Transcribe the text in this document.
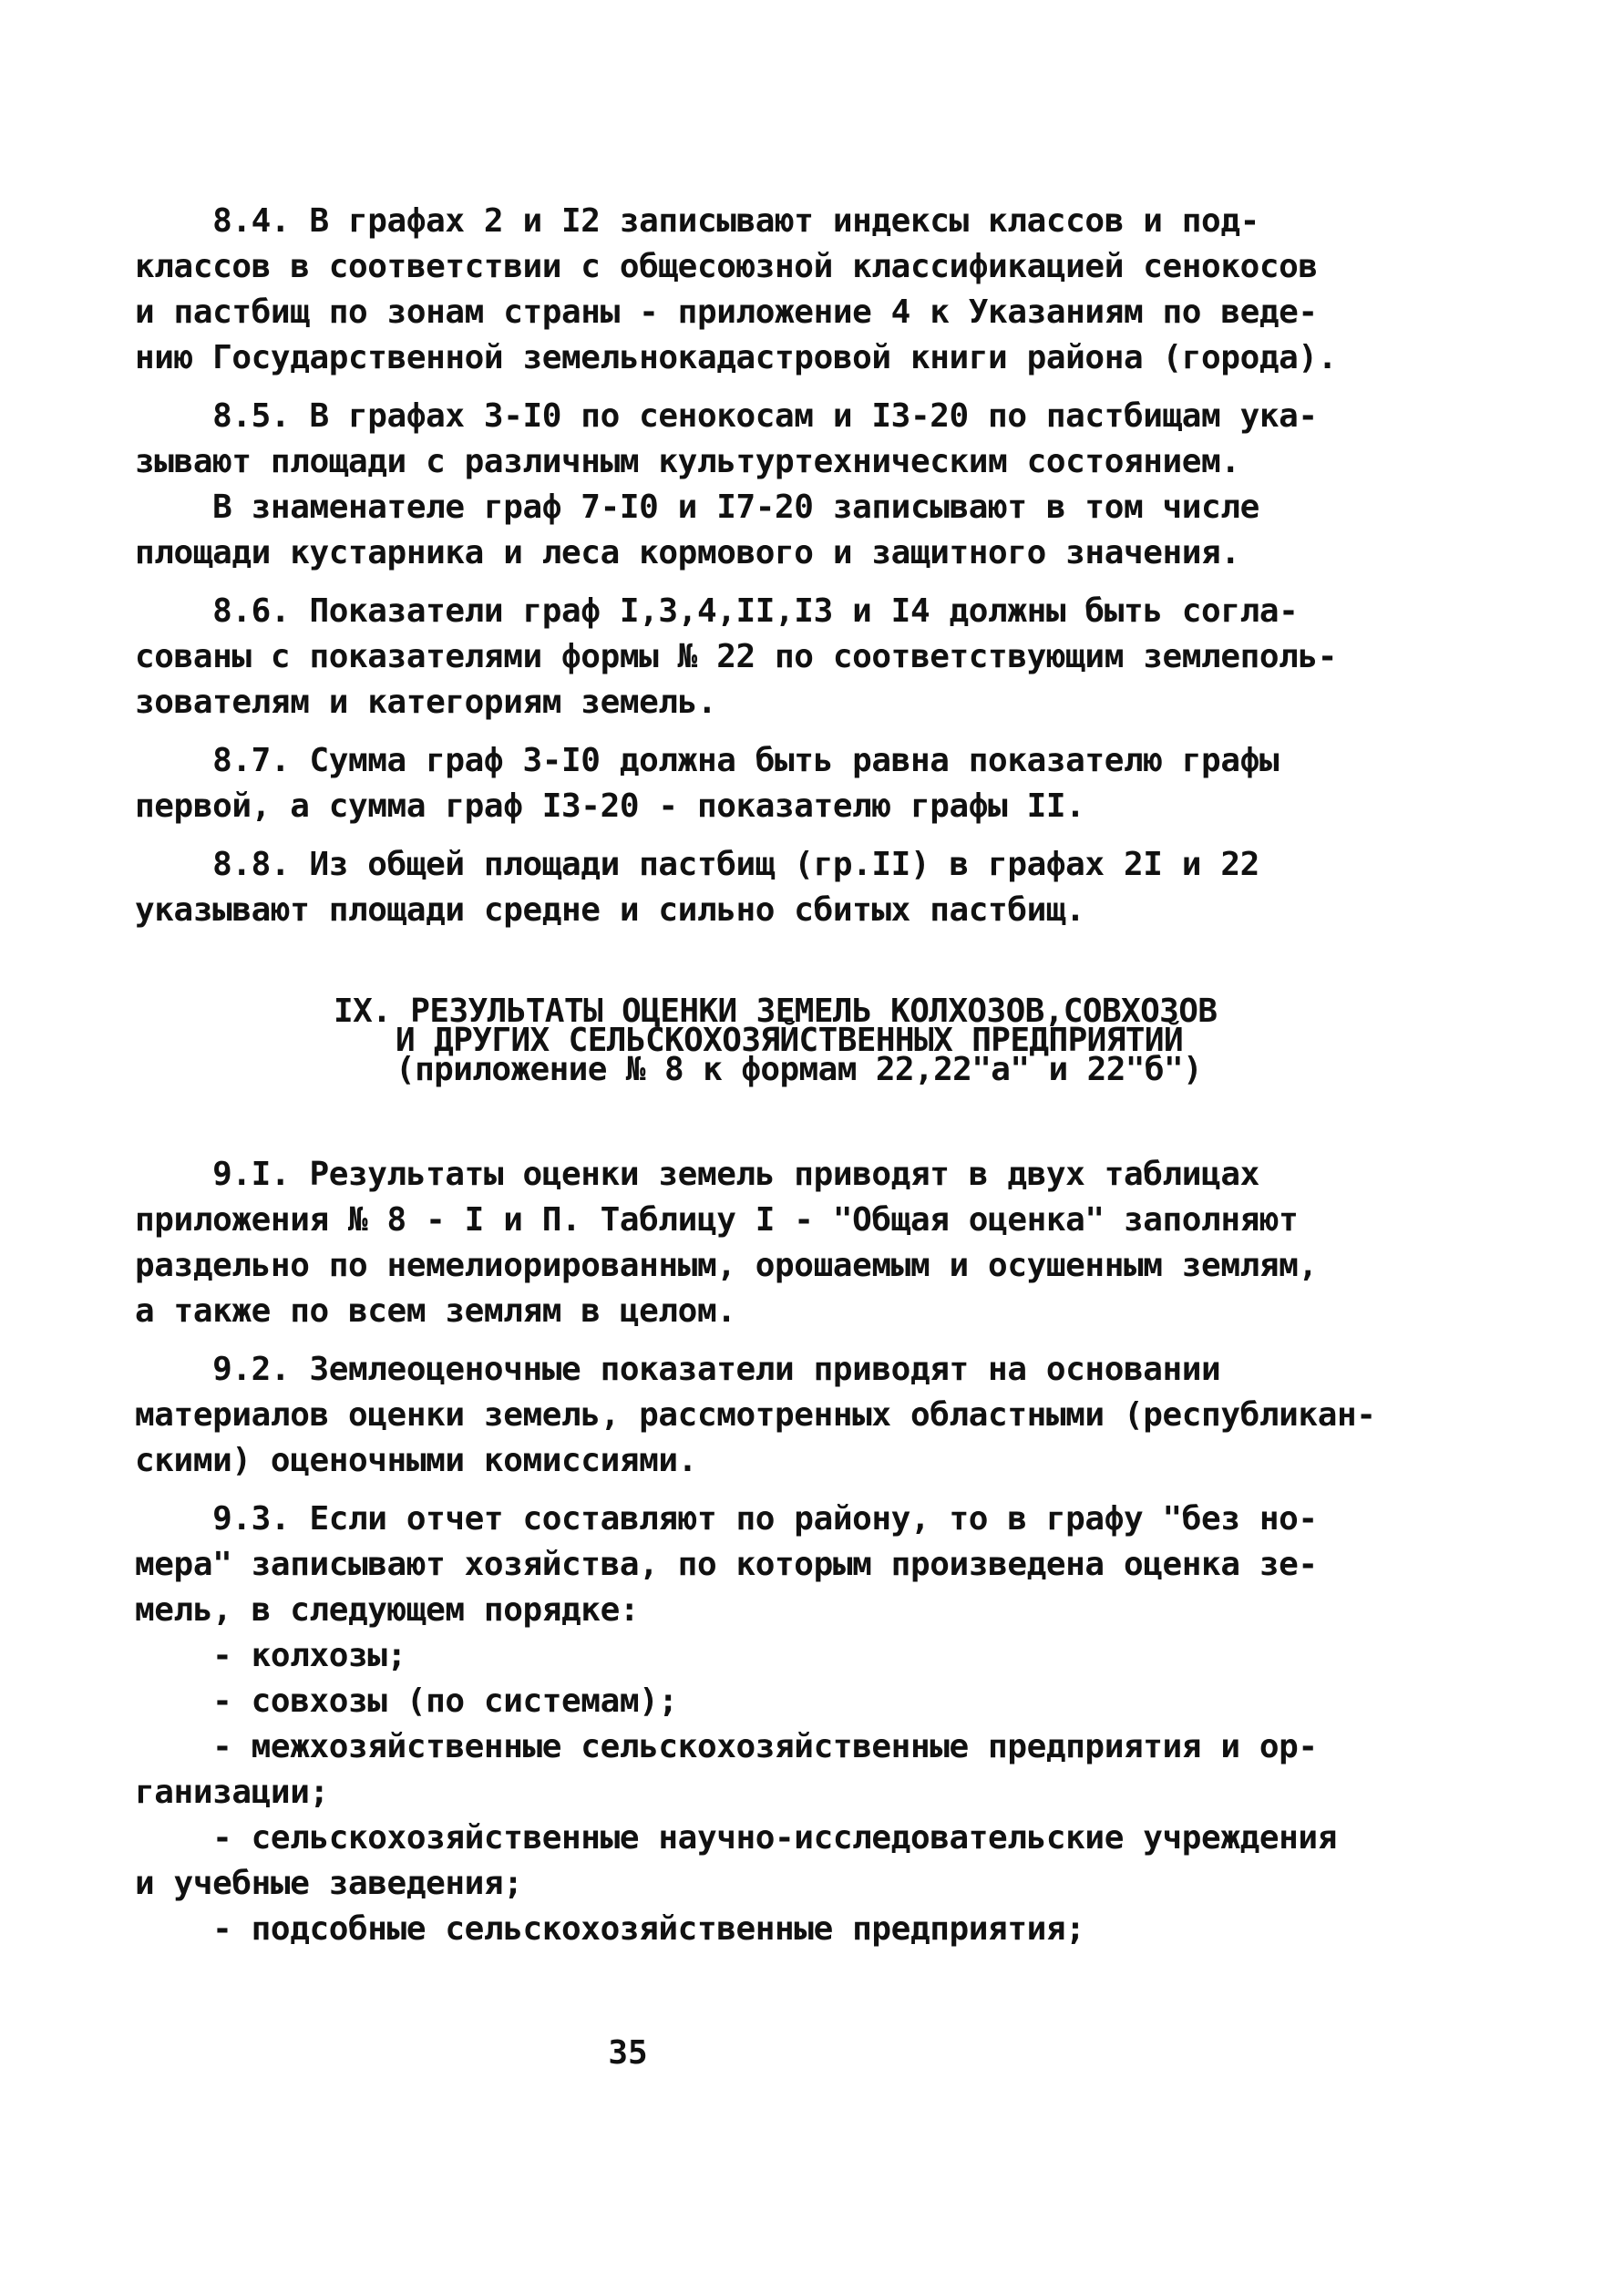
8.4. В графах 2 и I2 записывают индексы классов и под-
классов в соответствии с общесоюзной классификацией сенокосов
и пастбищ по зонам страны - приложение 4 к Указаниям по веде-
нию Государственной земельнокадастровой книги района (города).
8.5. В графах 3-I0 по сенокосам и I3-20 по пастбищам ука-
зывают площади с различным культуртехническим состоянием.
В знаменателе граф 7-I0 и I7-20 записывают в том числе
площади кустарника и леса кормового и защитного значения.
8.6. Показатели граф I,3,4,II,I3 и I4 должны быть согла-
сованы с показателями формы № 22 по соответствующим землеполь-
зователям и категориям земель.
8.7. Сумма граф 3-I0 должна быть равна показателю графы
первой, а сумма граф I3-20 - показателю графы II.
8.8. Из общей площади пастбищ (гр.II) в графах 2I и 22
указывают площади средне и сильно сбитых пастбищ.
IX. РЕЗУЛЬТАТЫ ОЦЕНКИ ЗЕМЕЛЬ КОЛХОЗОВ,СОВХОЗОВ
И ДРУГИХ СЕЛЬСКОХОЗЯЙСТВЕННЫХ ПРЕДПРИЯТИЙ
(приложение № 8 к формам 22,22"а" и 22"б")
9.I. Результаты оценки земель приводят в двух таблицах
приложения № 8 - I и П. Таблицу I - "Общая оценка" заполняют
раздельно по немелиорированным, орошаемым и осушенным землям,
а также по всем землям в целом.
9.2. Землеоценочные показатели приводят на основании
материалов оценки земель, рассмотренных областными (республикан-
скими) оценочными комиссиями.
9.3. Если отчет составляют по району, то в графу "без но-
мера" записывают хозяйства, по которым произведена оценка зе-
мель, в следующем порядке:
- колхозы;
- совхозы (по системам);
- межхозяйственные сельскохозяйственные предприятия и ор-
ганизации;
- сельскохозяйственные научно-исследовательские учреждения
и учебные заведения;
- подсобные сельскохозяйственные предприятия;
35
